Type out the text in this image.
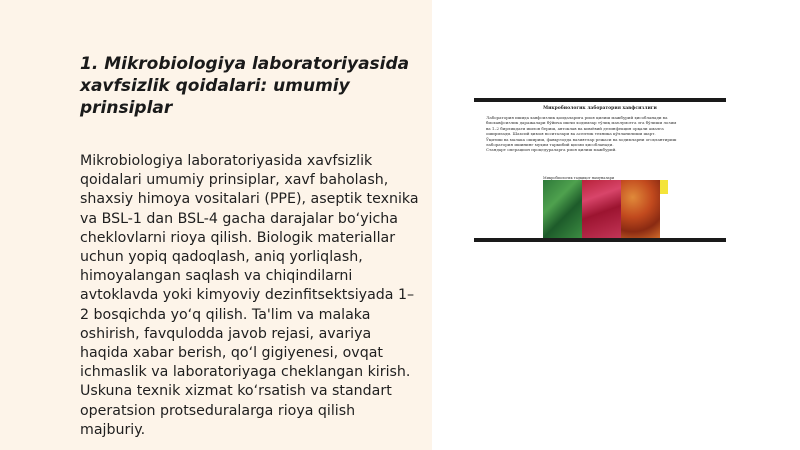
1. Mikrobiologiya laboratoriyasida xavfsizlik qoidalari: umumiy prinsiplar

Mikrobiologiya laboratoriyasida xavfsizlik qoidalari umumiy prinsiplar, xavf baholash, shaxsiy himoya vositalari (PPE), aseptik texnika va BSL-1 dan BSL-4 gacha darajalar bo‘yicha cheklovlarni rioya qilish. Biologik materiallar uchun yopiq qadoqlash, aniq yorliqlash, himoyalangan saqlash va chiqindilarni avtoklavda yoki kimyoviy dezinfitsektsiyada 1–2 bosqichda yo‘q qilish. Ta'lim va malaka oshirish, favqulodda javob rejasi, avariya haqida xabar berish, qo‘l gigiyenesi, ovqat ichmaslik va laboratoriyaga cheklangan kirish. Uskuna texnik xizmat ko‘rsatish va standart operatsion protseduralarga rioya qilish majburiy.

Микробиологик лаборатория хавфсизлиги
Лаборатория ишида хавфсизлик қоидаларига риоя қилиш мажбурий ҳисобланади ва
биохавфсизлик даражалари бўйича ишчи ходимлар тўлиқ маълумотга эга бўлиши лозим
ва 1–2 бирликдаги ишлов бериш, автоклав ва кимёвий дезинфекция орқали амалга
оширилади. Шахсий ҳимоя воситалари ва асептик техника қўлланилиши шарт.
Ўқитиш ва малака ошириш, фавқулодда вазиятлар режаси ва ходимларни огоҳлантириш
лаборатория ишининг муҳим таркибий қисми ҳисобланади.
Стандарт операцион процедураларга риоя қилиш мажбурий.
Микробиологик тадқиқот намуналари
